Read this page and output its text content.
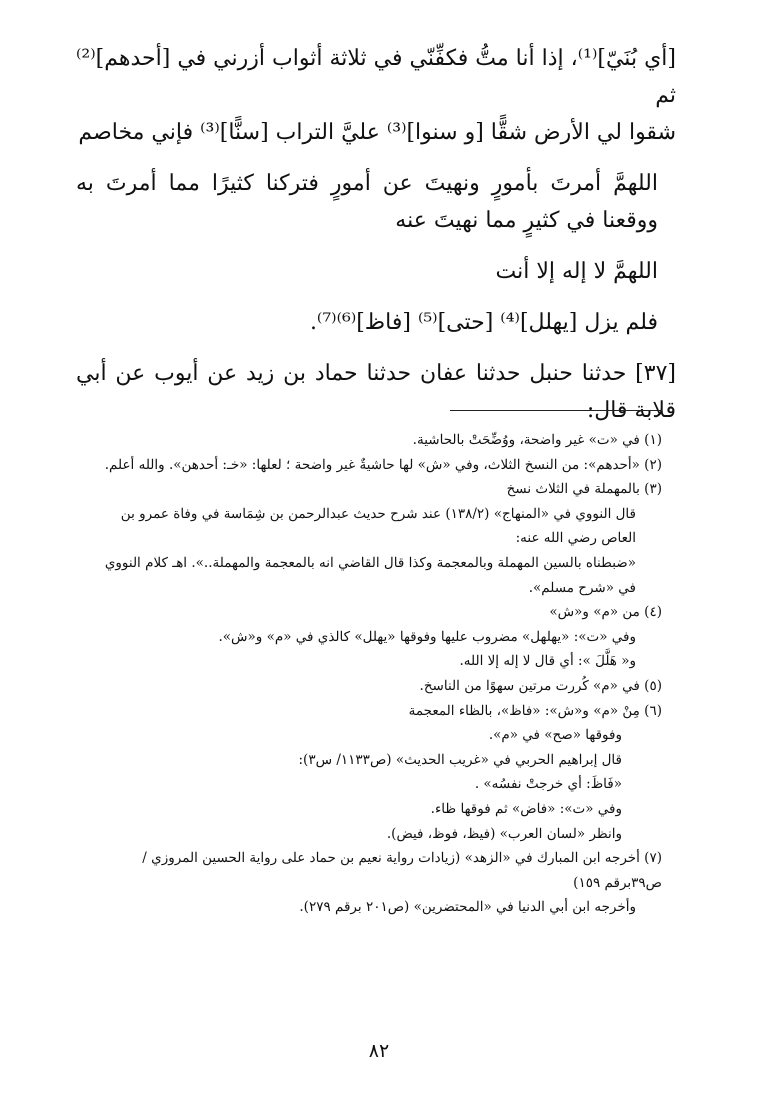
[أي بُنَيّ]⁽¹⁾، إذا أنا متُّ فكفِّنّي في ثلاثة أثواب أزرني في [أحدهم]⁽²⁾ ثم

شقوا لي الأرض شقًّا [و سنوا]⁽³⁾ عليَّ التراب [سنًّا]⁽³⁾ فإني مخاصم

اللهمَّ أمرتَ بأمورٍ ونهيتَ عن أمورٍ فتركنا كثيرًا مما أمرتَ به ووقعنا في كثيرٍ مما نهيتَ عنه

اللهمَّ لا إله إلا أنت

فلم يزل [يهلل]⁽⁴⁾ [حتى]⁽⁵⁾ [فاظ]⁽⁶⁾⁽⁷⁾.

[٣٧] حدثنا حنبل حدثنا عفان حدثنا حماد بن زيد عن أيوب عن أبي قلابة قال:

(١) في «ت» غير واضحة، ووُضِّحَتْ بالحاشية.

(٢) «أحدهم»: من النسخ الثلاث، وفي «ش» لها حاشيةٌ غير واضحة ؛ لعلها: «خـ: أحدهن». والله أعلم.

(٣) بالمهملة في الثلاث نسخ

قال النووي في «المنهاج» (١٣٨/٢) عند شرح حديث عبدالرحمن بن شِمَاسة في وفاة عمرو بن العاص رضي الله عنه:

«ضبطناه بالسين المهملة وبالمعجمة وكذا قال القاضي انه بالمعجمة والمهملة..». اهـ كلام النووي في «شرح مسلم».

(٤) من «م» و«ش»

وفي «ت»: «يهلهل» مضروب عليها وفوقها «يهلل» كالذي في «م» و«ش».

و« هَلَّلَ »: أي قال لا إله إلا الله.

(٥) في «م» كُررت مرتين سهوًا من الناسخ.

(٦) مِنْ «م» و«ش»: «فاظ»، بالظاء المعجمة

وفوقها «صح» في «م».

قال إبراهيم الحربي في «غريب الحديث» (ص١١٣٣/ س٣):

«فَاظَ: أي خرجتْ نفسُه» .

وفي «ت»: «فاض» ثم فوقها ظاء.

وانظر «لسان العرب» (فيظ، فوظ، فيض).

(٧) أخرجه ابن المبارك في «الزهد» (زيادات رواية نعيم بن حماد على رواية الحسين المروزي / ص٣٩برقم ١٥٩)

وأخرجه ابن أبي الدنيا في «المحتضرين» (ص٢٠١ برقم ٢٧٩).

٨٢
